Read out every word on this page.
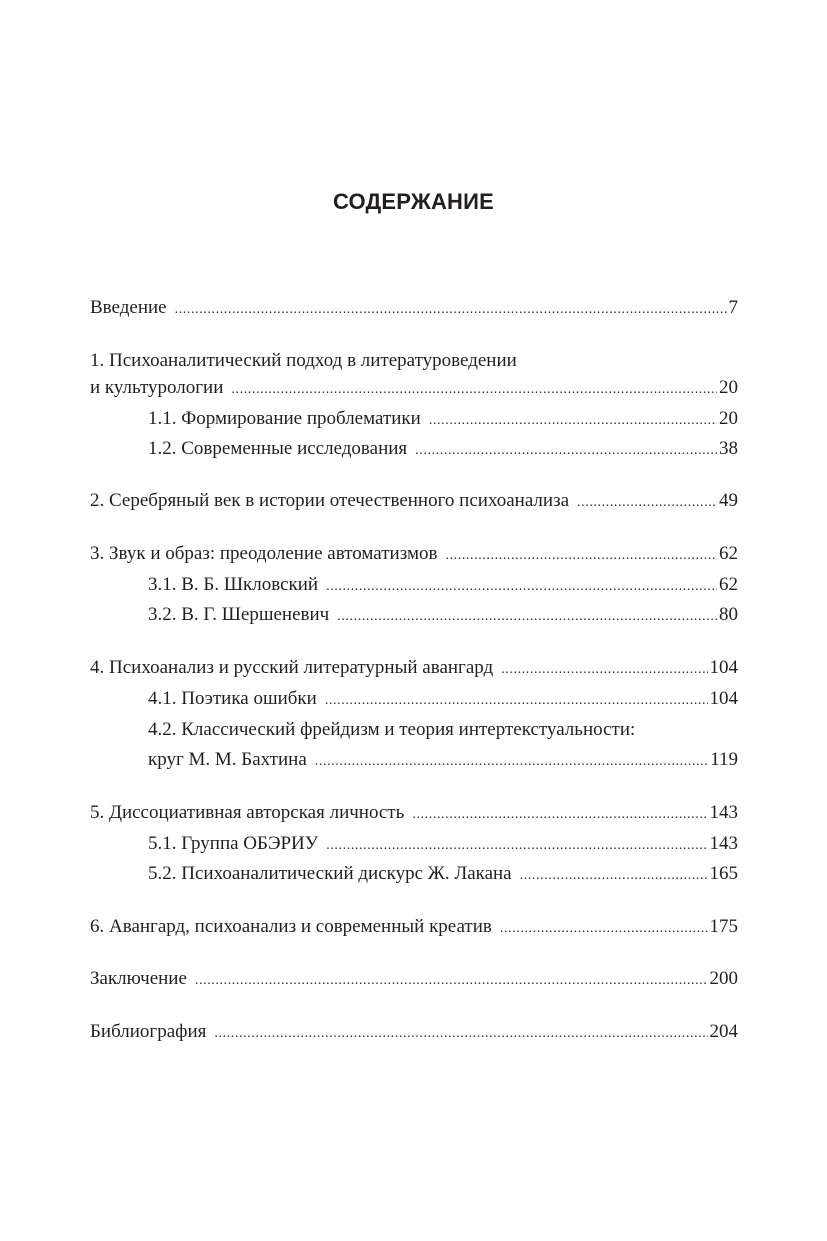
СОДЕРЖАНИЕ
Введение .....	7
1. Психоаналитический подход в литературоведении
и культурологии .....	20
1.1. Формирование проблематики .....	20
1.2. Современные исследования .....	38
2. Серебряный век в истории отечественного психоанализа .....	49
3. Звук и образ: преодоление автоматизмов .....	62
3.1. В. Б. Шкловский .....	62
3.2. В. Г. Шершеневич .....	80
4. Психоанализ и русский литературный авангард .....	104
4.1. Поэтика ошибки .....	104
4.2. Классический фрейдизм и теория интертекстуальности:
круг М. М. Бахтина .....	119
5. Диссоциативная авторская личность .....	143
5.1. Группа ОБЭРИУ .....	143
5.2. Психоаналитический дискурс Ж. Лакана .....	165
6. Авангард, психоанализ и современный креатив .....	175
Заключение .....	200
Библиография .....	204
